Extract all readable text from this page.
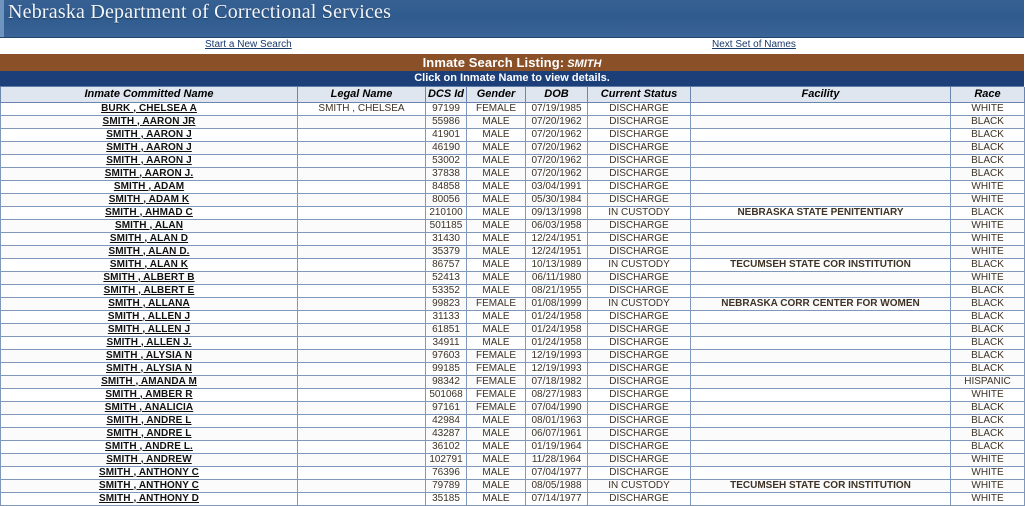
Nebraska Department of Correctional Services
Start a New Search	Next Set of Names
Inmate Search Listing: SMITH
Click on Inmate Name to view details.
Inmate Committed Name	Legal Name	DCS Id	Gender	DOB	Current Status	Facility	Race
BURK , CHELSEA A	SMITH , CHELSEA	97199	FEMALE	07/19/1985	DISCHARGE		WHITE
SMITH , AARON JR		55986	MALE	07/20/1962	DISCHARGE		BLACK
SMITH , AARON J		41901	MALE	07/20/1962	DISCHARGE		BLACK
SMITH , AARON J		46190	MALE	07/20/1962	DISCHARGE		BLACK
SMITH , AARON J		53002	MALE	07/20/1962	DISCHARGE		BLACK
SMITH , AARON J.		37838	MALE	07/20/1962	DISCHARGE		BLACK
SMITH , ADAM		84858	MALE	03/04/1991	DISCHARGE		WHITE
SMITH , ADAM K		80056	MALE	05/30/1984	DISCHARGE		WHITE
SMITH , AHMAD C		210100	MALE	09/13/1998	IN CUSTODY	NEBRASKA STATE PENITENTIARY	BLACK
SMITH , ALAN		501185	MALE	06/03/1958	DISCHARGE		WHITE
SMITH , ALAN D		31430	MALE	12/24/1951	DISCHARGE		WHITE
SMITH , ALAN D.		35379	MALE	12/24/1951	DISCHARGE		WHITE
SMITH , ALAN K		86757	MALE	10/13/1989	IN CUSTODY	TECUMSEH STATE COR INSTITUTION	BLACK
SMITH , ALBERT B		52413	MALE	06/11/1980	DISCHARGE		WHITE
SMITH , ALBERT E		53352	MALE	08/21/1955	DISCHARGE		BLACK
SMITH , ALLANA		99823	FEMALE	01/08/1999	IN CUSTODY	NEBRASKA CORR CENTER FOR WOMEN	BLACK
SMITH , ALLEN J		31133	MALE	01/24/1958	DISCHARGE		BLACK
SMITH , ALLEN J		61851	MALE	01/24/1958	DISCHARGE		BLACK
SMITH , ALLEN J.		34911	MALE	01/24/1958	DISCHARGE		BLACK
SMITH , ALYSIA N		97603	FEMALE	12/19/1993	DISCHARGE		BLACK
SMITH , ALYSIA N		99185	FEMALE	12/19/1993	DISCHARGE		BLACK
SMITH , AMANDA M		98342	FEMALE	07/18/1982	DISCHARGE		HISPANIC
SMITH , AMBER R		501068	FEMALE	08/27/1983	DISCHARGE		WHITE
SMITH , ANALICIA		97161	FEMALE	07/04/1990	DISCHARGE		BLACK
SMITH , ANDRE L		42984	MALE	08/01/1963	DISCHARGE		BLACK
SMITH , ANDRE L		43287	MALE	06/07/1961	DISCHARGE		BLACK
SMITH , ANDRE L.		36102	MALE	01/19/1964	DISCHARGE		BLACK
SMITH , ANDREW		102791	MALE	11/28/1964	DISCHARGE		WHITE
SMITH , ANTHONY C		76396	MALE	07/04/1977	DISCHARGE		WHITE
SMITH , ANTHONY C		79789	MALE	08/05/1988	IN CUSTODY	TECUMSEH STATE COR INSTITUTION	WHITE
SMITH , ANTHONY D		35185	MALE	07/14/1977	DISCHARGE		WHITE
